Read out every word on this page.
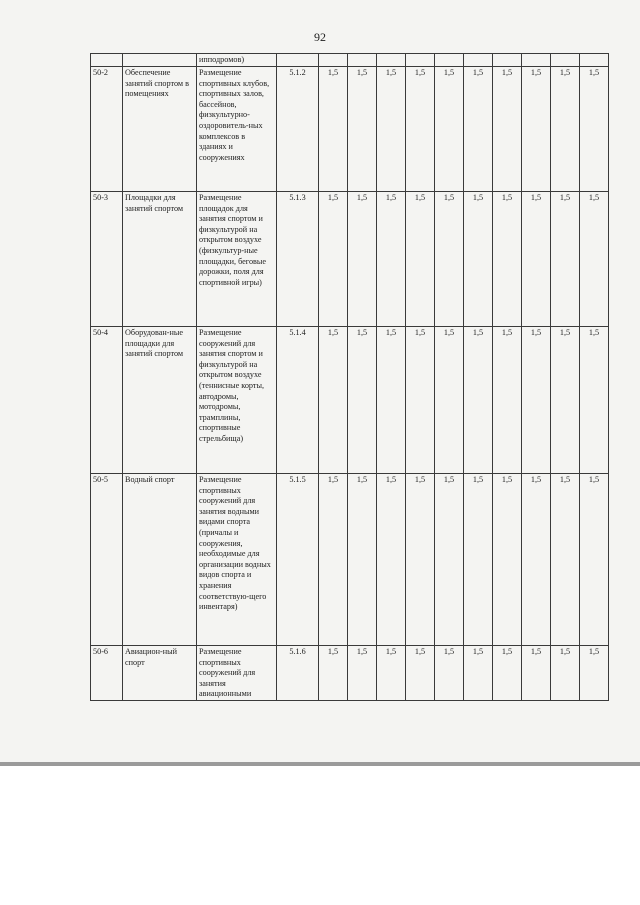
92
		ипподромов)											
50-2	Обеспечение занятий спортом в помещениях	Размещение спортивных клубов, спортивных залов, бассейнов, физкультурно-оздоровитель-ных комплексов в зданиях и сооружениях	5.1.2	1,5	1,5	1,5	1,5	1,5	1,5	1,5	1,5	1,5	1,5
50-3	Площадки для занятий спортом	Размещение площадок для занятия спортом и физкультурой на открытом воздухе (физкультур-ные площадки, беговые дорожки, поля для спортивной игры)	5.1.3	1,5	1,5	1,5	1,5	1,5	1,5	1,5	1,5	1,5	1,5
50-4	Оборудован-ные площадки для занятий спортом	Размещение сооружений для занятия спортом и физкультурой на открытом воздухе (теннисные корты, автодромы, мотодромы, трамплины, спортивные стрельбища)	5.1.4	1,5	1,5	1,5	1,5	1,5	1,5	1,5	1,5	1,5	1,5
50-5	Водный спорт	Размещение спортивных сооружений для занятия водными видами спорта (причалы и сооружения, необходимые для организации водных видов спорта и хранения соответствую-щего инвентаря)	5.1.5	1,5	1,5	1,5	1,5	1,5	1,5	1,5	1,5	1,5	1,5
50-6	Авиацион-ный спорт	Размещение спортивных сооружений для занятия авиационными	5.1.6	1,5	1,5	1,5	1,5	1,5	1,5	1,5	1,5	1,5	1,5
